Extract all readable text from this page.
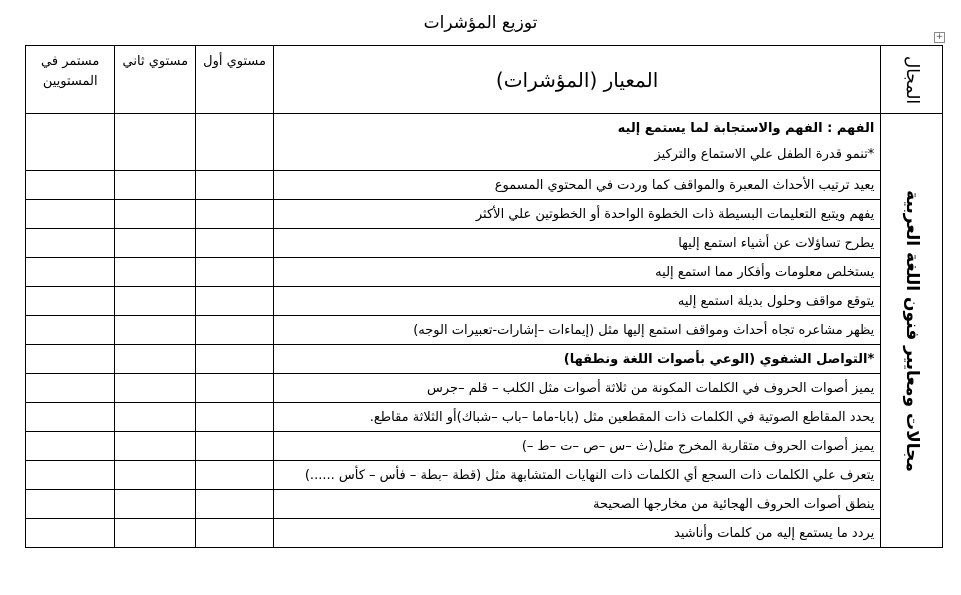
توزيع المؤشرات
+
المجال	المعيار (المؤشرات)	مستوي أول	مستوي ثاني	مستمر في المستويين

مجالات ومعايير فنون اللغة العربية	الفهم : الفهم والاستجابة لما يستمع إليه
*تنمو قدرة الطفل علي الاستماع والتركيز			

	يعيد ترتيب الأحداث المعبرة والمواقف كما وردت في المحتوي المسموع			
	يفهم ويتبع التعليمات البسيطة ذات الخطوة الواحدة أو الخطوتين علي الأكثر			
	يطرح تساؤلات عن أشياء استمع إليها			
	يستخلص معلومات وأفكار مما استمع إليه			
	يتوقع مواقف وحلول بديلة استمع إليه			
	يظهر مشاعره تجاه أحداث ومواقف استمع إليها مثل (إيماءات –إشارات-تعبيرات الوجه)			
	*التواصل الشفوي (الوعي بأصوات اللغة ونطقها)			
	يميز أصوات الحروف في الكلمات المكونة من ثلاثة أصوات مثل الكلب – قلم –جرس			
	يحدد المقاطع الصوتية في الكلمات ذات المقطعين مثل (بابا-ماما –باب –شباك)أو الثلاثة مقاطع.			
	يميز أصوات الحروف متقاربة المخرج مثل(ث –س –ص –ت –ط –)			
	يتعرف علي الكلمات ذات السجع أي الكلمات ذات النهايات المتشابهة مثل (قطة –بطة – فأس – كأس ......)			
	ينطق أصوات الحروف الهجائية من مخارجها الصحيحة			
	يردد ما يستمع إليه من كلمات وأناشيد			
